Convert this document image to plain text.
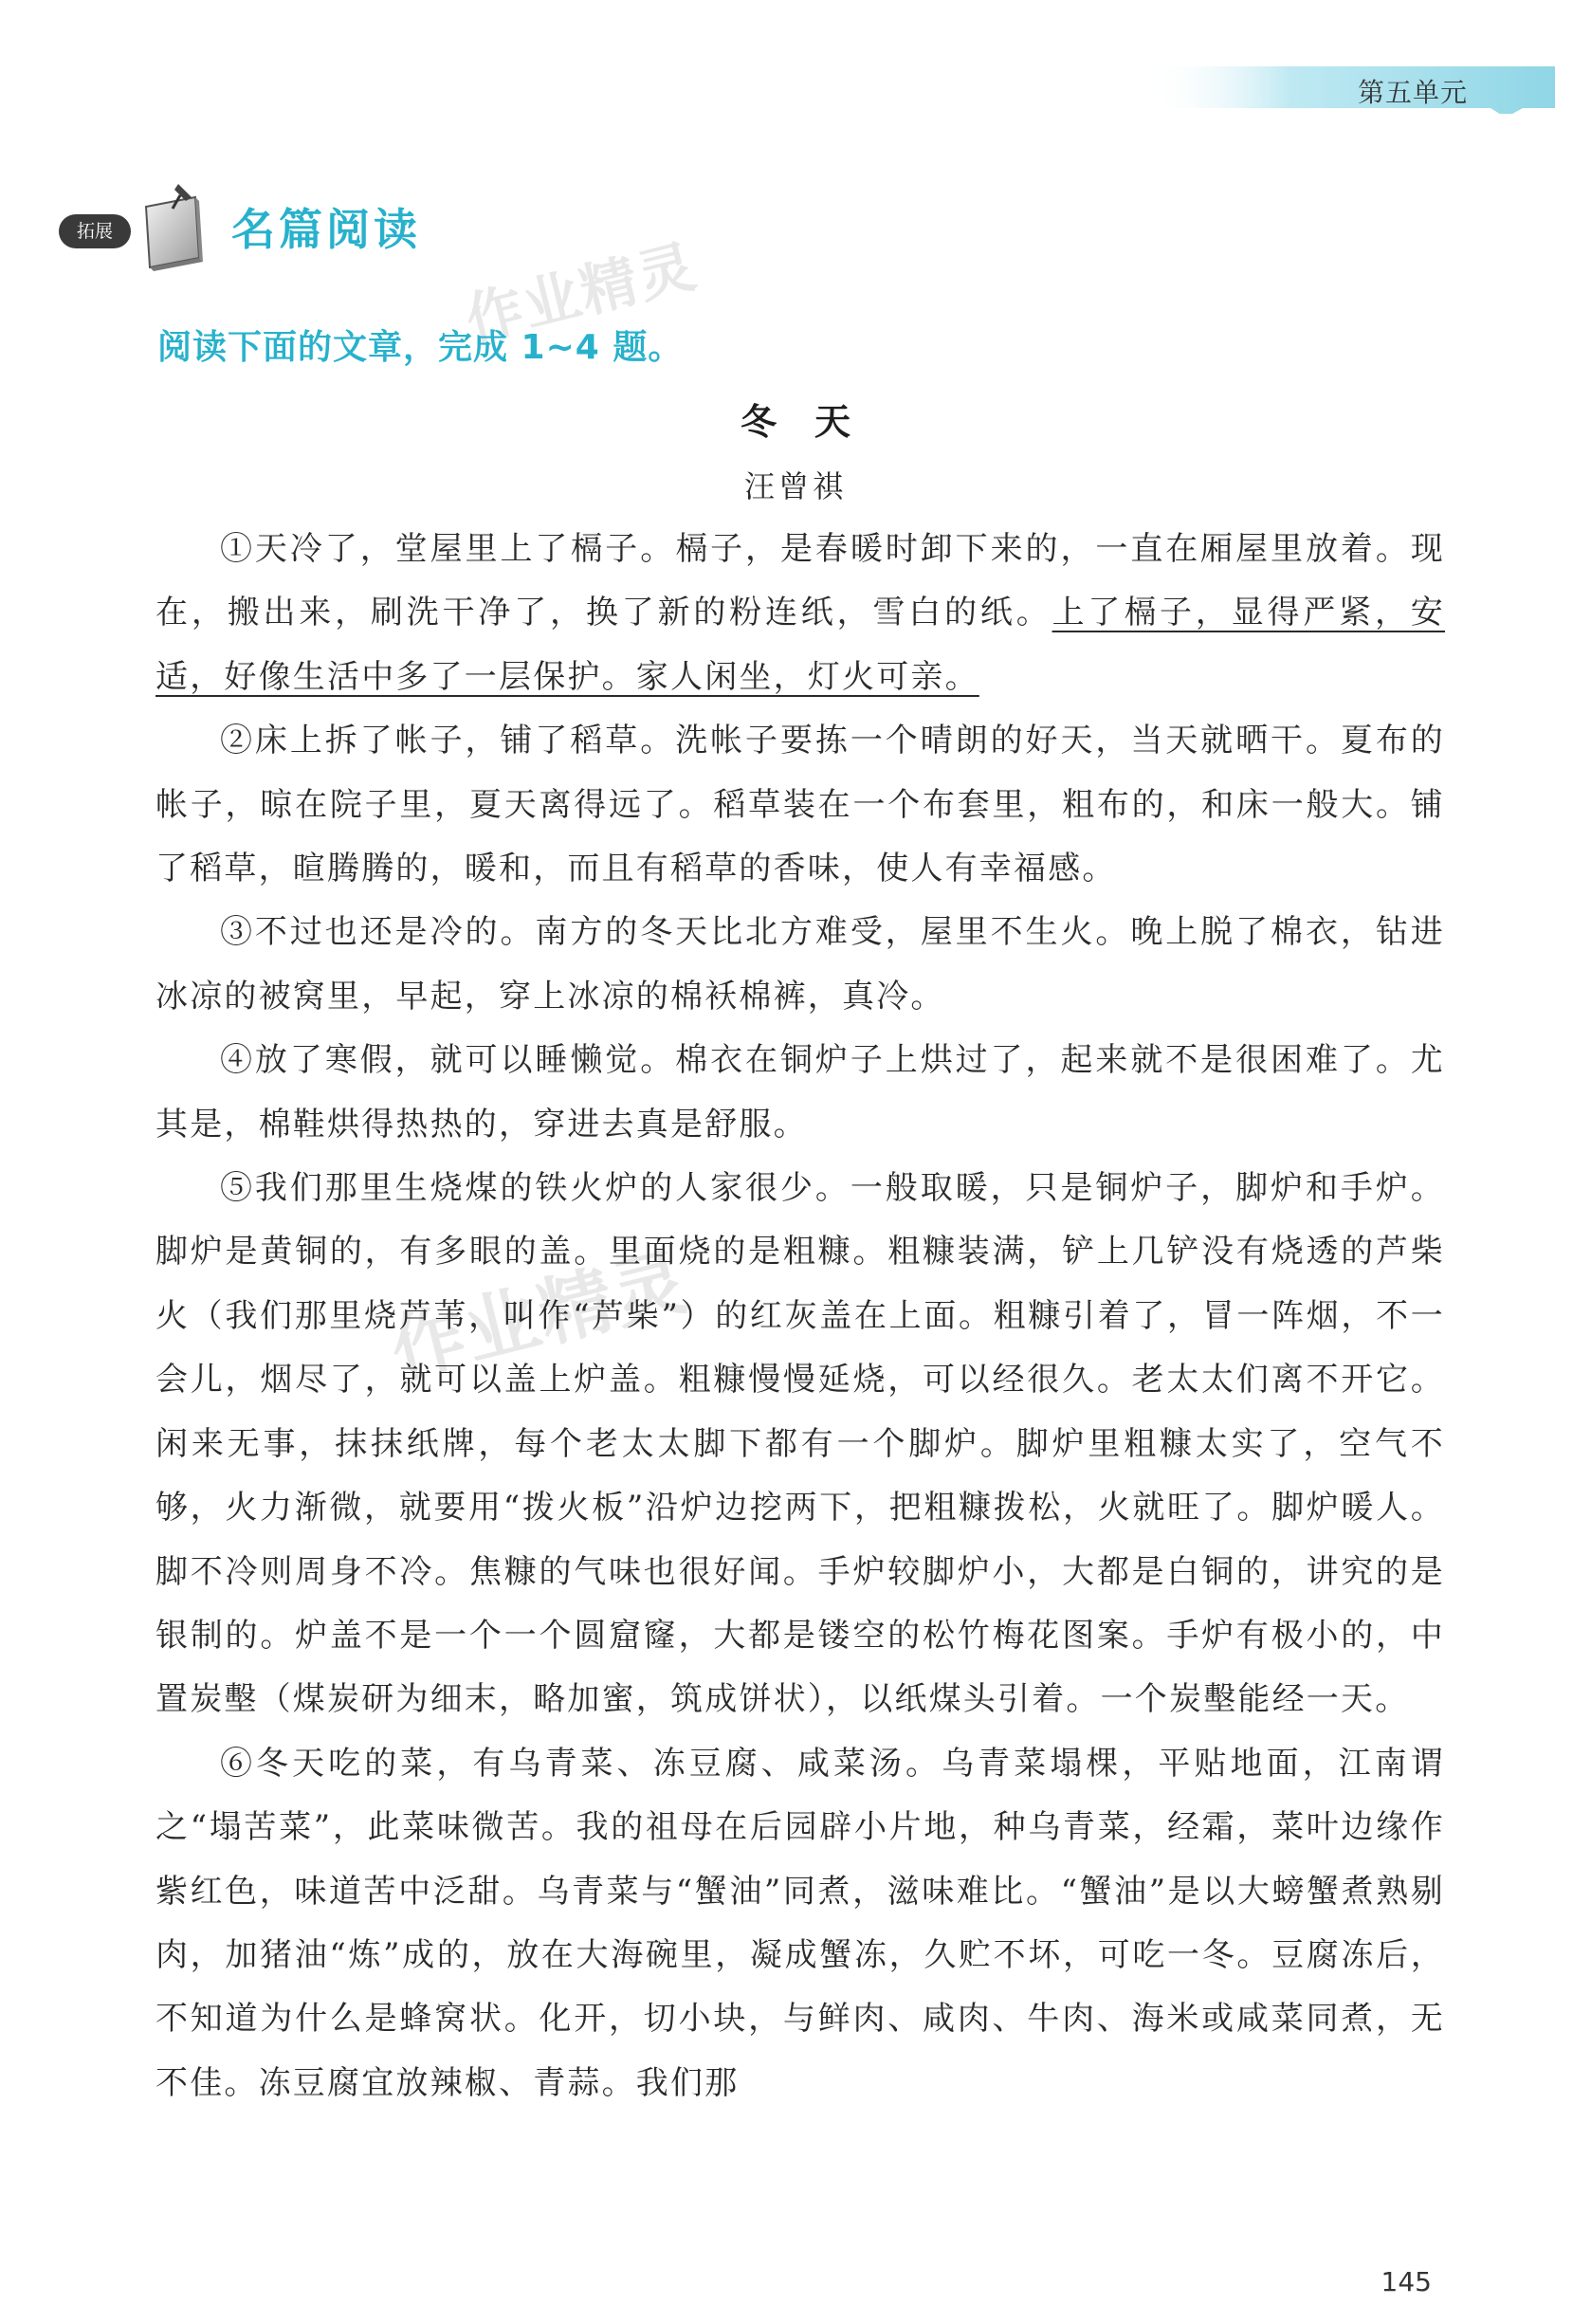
第五单元
拓展	名篇阅读
作业精灵
作业精灵
阅读下面的文章，完成 1~4 题。
冬天
汪曾祺

①天冷了，堂屋里上了槅子。槅子，是春暖时卸下来的，一直在厢屋里放着。现在，搬出来，刷洗干净了，换了新的粉连纸，雪白的纸。上了槅子，显得严紧，安适，好像生活中多了一层保护。家人闲坐，灯火可亲。

②床上拆了帐子，铺了稻草。洗帐子要拣一个晴朗的好天，当天就晒干。夏布的帐子，晾在院子里，夏天离得远了。稻草装在一个布套里，粗布的，和床一般大。铺了稻草，暄腾腾的，暖和，而且有稻草的香味，使人有幸福感。

③不过也还是冷的。南方的冬天比北方难受，屋里不生火。晚上脱了棉衣，钻进冰凉的被窝里，早起，穿上冰凉的棉袄棉裤，真冷。

④放了寒假，就可以睡懒觉。棉衣在铜炉子上烘过了，起来就不是很困难了。尤其是，棉鞋烘得热热的，穿进去真是舒服。

⑤我们那里生烧煤的铁火炉的人家很少。一般取暖，只是铜炉子，脚炉和手炉。脚炉是黄铜的，有多眼的盖。里面烧的是粗糠。粗糠装满，铲上几铲没有烧透的芦柴火（我们那里烧芦苇，叫作“芦柴”）的红灰盖在上面。粗糠引着了，冒一阵烟，不一会儿，烟尽了，就可以盖上炉盖。粗糠慢慢延烧，可以经很久。老太太们离不开它。闲来无事，抹抹纸牌，每个老太太脚下都有一个脚炉。脚炉里粗糠太实了，空气不够，火力渐微，就要用“拨火板”沿炉边挖两下，把粗糠拨松，火就旺了。脚炉暖人。脚不冷则周身不冷。焦糠的气味也很好闻。手炉较脚炉小，大都是白铜的，讲究的是银制的。炉盖不是一个一个圆窟窿，大都是镂空的松竹梅花图案。手炉有极小的，中置炭墼（煤炭研为细末，略加蜜，筑成饼状），以纸煤头引着。一个炭墼能经一天。

⑥冬天吃的菜，有乌青菜、冻豆腐、咸菜汤。乌青菜塌棵，平贴地面，江南谓之“塌苦菜”，此菜味微苦。我的祖母在后园辟小片地，种乌青菜，经霜，菜叶边缘作紫红色，味道苦中泛甜。乌青菜与“蟹油”同煮，滋味难比。“蟹油”是以大螃蟹煮熟剔肉，加猪油“炼”成的，放在大海碗里，凝成蟹冻，久贮不坏，可吃一冬。豆腐冻后，不知道为什么是蜂窝状。化开，切小块，与鲜肉、咸肉、牛肉、海米或咸菜同煮，无不佳。冻豆腐宜放辣椒、青蒜。我们那

145
